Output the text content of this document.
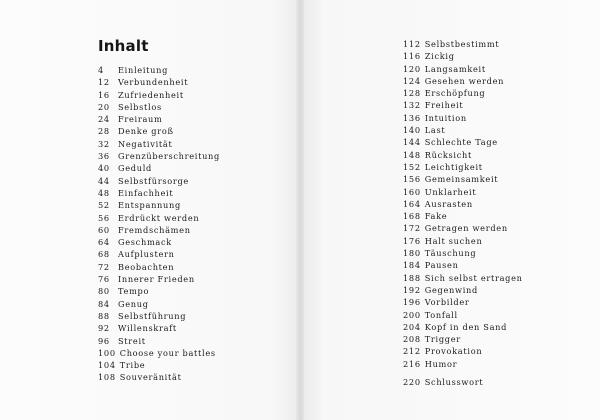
Inhalt
4 Einleitung
12 Verbundenheit
16 Zufriedenheit
20 Selbstlos
24 Freiraum
28 Denke groß
32 Negativität
36 Grenzüberschreitung
40 Geduld
44 Selbstfürsorge
48 Einfachheit
52 Entspannung
56 Erdrückt werden
60 Fremdschämen
64 Geschmack
68 Aufplustern
72 Beobachten
76 Innerer Frieden
80 Tempo
84 Genug
88 Selbstführung
92 Willenskraft
96 Streit
100 Choose your battles
104 Tribe
108 Souveränität
112 Selbstbestimmt
116 Zickig
120 Langsamkeit
124 Gesehen werden
128 Erschöpfung
132 Freiheit
136 Intuition
140 Last
144 Schlechte Tage
148 Rücksicht
152 Leichtigkeit
156 Gemeinsamkeit
160 Unklarheit
164 Ausrasten
168 Fake
172 Getragen werden
176 Halt suchen
180 Täuschung
184 Pausen
188 Sich selbst ertragen
192 Gegenwind
196 Vorbilder
200 Tonfall
204 Kopf in den Sand
208 Trigger
212 Provokation
216 Humor
220 Schlusswort
